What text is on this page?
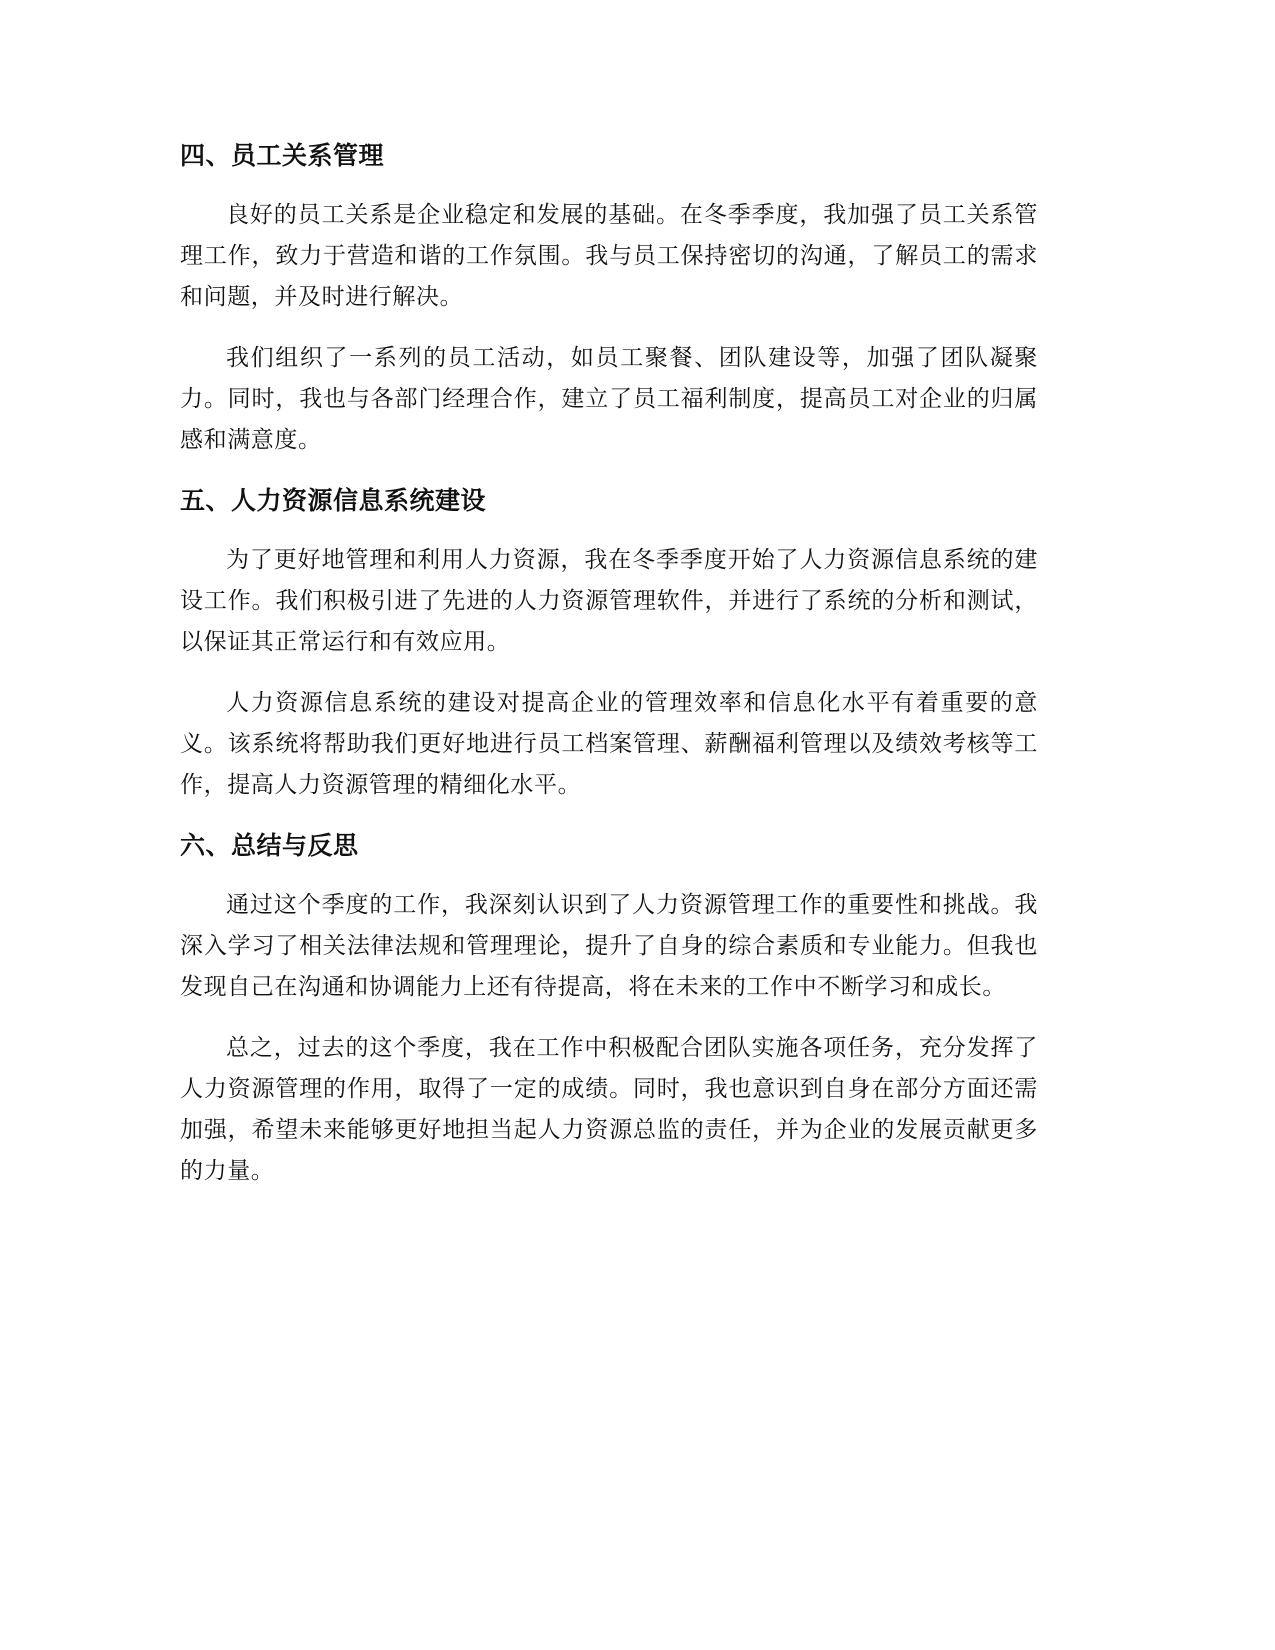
四、员工关系管理

良好的员工关系是企业稳定和发展的基础。在冬季季度，我加强了员工关系管理工作，致力于营造和谐的工作氛围。我与员工保持密切的沟通，了解员工的需求和问题，并及时进行解决。

我们组织了一系列的员工活动，如员工聚餐、团队建设等，加强了团队凝聚力。同时，我也与各部门经理合作，建立了员工福利制度，提高员工对企业的归属感和满意度。

五、人力资源信息系统建设

为了更好地管理和利用人力资源，我在冬季季度开始了人力资源信息系统的建设工作。我们积极引进了先进的人力资源管理软件，并进行了系统的分析和测试，以保证其正常运行和有效应用。

人力资源信息系统的建设对提高企业的管理效率和信息化水平有着重要的意义。该系统将帮助我们更好地进行员工档案管理、薪酬福利管理以及绩效考核等工作，提高人力资源管理的精细化水平。

六、总结与反思

通过这个季度的工作，我深刻认识到了人力资源管理工作的重要性和挑战。我深入学习了相关法律法规和管理理论，提升了自身的综合素质和专业能力。但我也发现自己在沟通和协调能力上还有待提高，将在未来的工作中不断学习和成长。

总之，过去的这个季度，我在工作中积极配合团队实施各项任务，充分发挥了人力资源管理的作用，取得了一定的成绩。同时，我也意识到自身在部分方面还需加强，希望未来能够更好地担当起人力资源总监的责任，并为企业的发展贡献更多的力量。
